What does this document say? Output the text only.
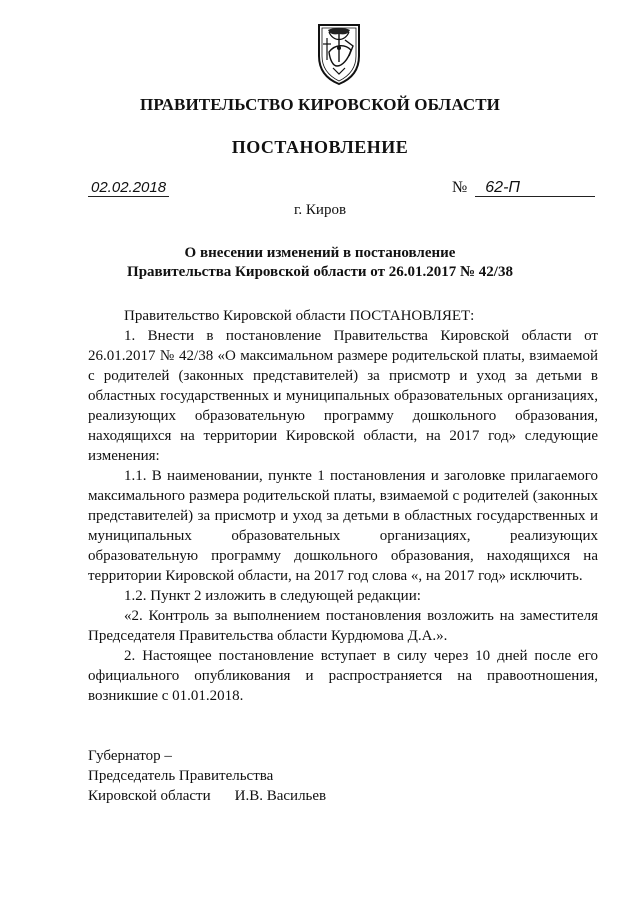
ПРАВИТЕЛЬСТВО КИРОВСКОЙ ОБЛАСТИ
ПОСТАНОВЛЕНИЕ
02.02.2018	№ 62-П
г. Киров
О внесении изменений в постановление
Правительства Кировской области от 26.01.2017 № 42/38

Правительство Кировской области ПОСТАНОВЛЯЕТ:

1. Внести в постановление Правительства Кировской области от 26.01.2017 № 42/38 «О максимальном размере родительской платы, взимаемой с родителей (законных представителей) за присмотр и уход за детьми в областных государственных и муниципальных образовательных организациях, реализующих образовательную программу дошкольного образования, находящихся на территории Кировской области, на 2017 год» следующие изменения:

1.1. В наименовании, пункте 1 постановления и заголовке прилагаемого максимального размера родительской платы, взимаемой с родителей (законных представителей) за присмотр и уход за детьми в областных государственных и муниципальных образовательных организациях, реализующих образовательную программу дошкольного образования, находящихся на территории Кировской области, на 2017 год слова «, на 2017 год» исключить.

1.2. Пункт 2 изложить в следующей редакции:

«2. Контроль за выполнением постановления возложить на заместителя Председателя Правительства области Курдюмова Д.А.».

2. Настоящее постановление вступает в силу через 10 дней после его официального опубликования и распространяется на правоотношения, возникшие с 01.01.2018.

Губернатор –
Председатель Правительства
Кировской области И.В. Васильев
